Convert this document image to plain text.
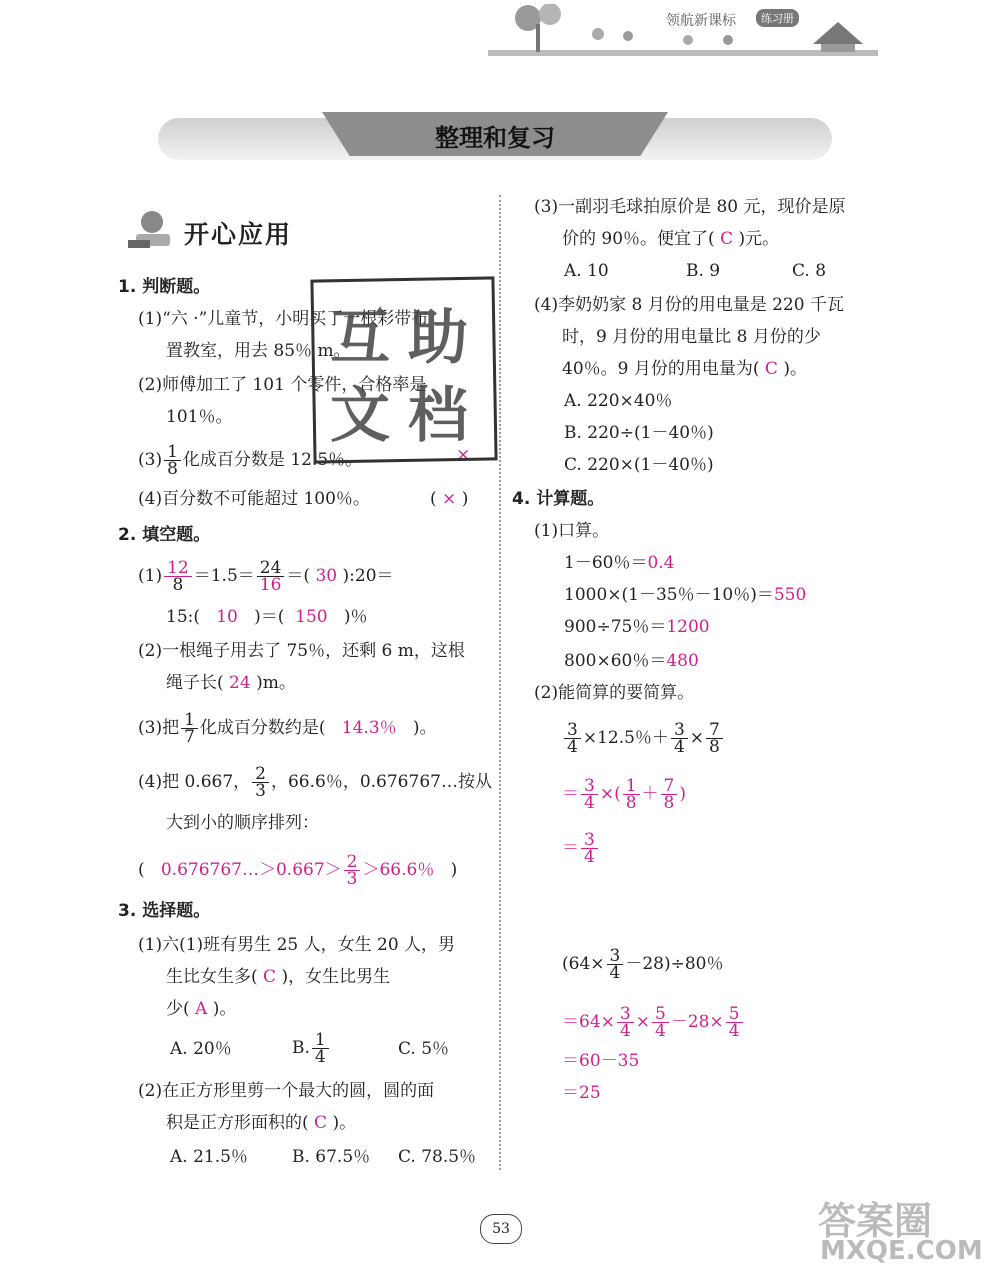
领航新课标	练习册
整理和复习
开心应用
1. 判断题。
(1)“六 ·”儿童节，小明买了一根彩带布
置教室，用去 85％ m。
(2)师傅加工了 101 个零件，合格率是
101％。
$(3) \frac{1}{8}$ 化成百分数是 12.5％。	×
(4)百分数不可能超过 100％。	( × )
互 助
文 档
2. 填空题。
$(1) \frac{12}{8} =1.5= \frac{24}{16}$ ＝( 30 ):20＝
15:( 10 )＝( 150 )％
(2)一根绳子用去了 75％，还剩 6 m，这根
绳子长( 24 )m。
(3)把 $\frac{1}{7}$ 化成百分数约是( 14.3％ )。
(4)把 0.667， $\frac{2}{3}$ ，66.6％，0.676767…按从
大到小的顺序排列：
( 0.676767…＞0.667＞ $\frac{2}{3} >66.6$％ )
3. 选择题。
(1)六(1)班有男生 25 人，女生 20 人，男
生比女生多( C )，女生比男生
少( A )。
A. 20％	B. $\frac{1}{4}$	C. 5％
(2)在正方形里剪一个最大的圆，圆的面
积是正方形面积的( C )。
A. 21.5％	B. 67.5％ C. 78.5％
(3)一副羽毛球拍原价是 80 元，现价是原
价的 90％。便宜了( C )元。
A. 10	B. 9	C. 8
(4)李奶奶家 8 月份的用电量是 220 千瓦
时，9 月份的用电量比 8 月份的少
40％。9 月份的用电量为( C )。
A. 220×40％
B. 220÷(1－40％)
C. 220×(1－40％)
4. 计算题。
(1)口算。
1－60％＝0.4
1000×(1－35％－10％)＝550
900÷75％＝1200
800×60％＝480
(2)能简算的要简算。
$\frac{3}{4} \times 12.5$％＋ $\frac{3}{4} \times \frac{7}{8}$
＝ $\frac{3}{4}$ ×( $\frac{1}{8} + \frac{7}{8}$ )
＝ $\frac{3}{4}$
$(64\times \frac{3}{4} -28)\div 80$％
$=64\times \frac{3}{4} \times \frac{5}{4} -28\times \frac{5}{4}$
＝60－35
＝25
53	答案圈
MXQE.COM
